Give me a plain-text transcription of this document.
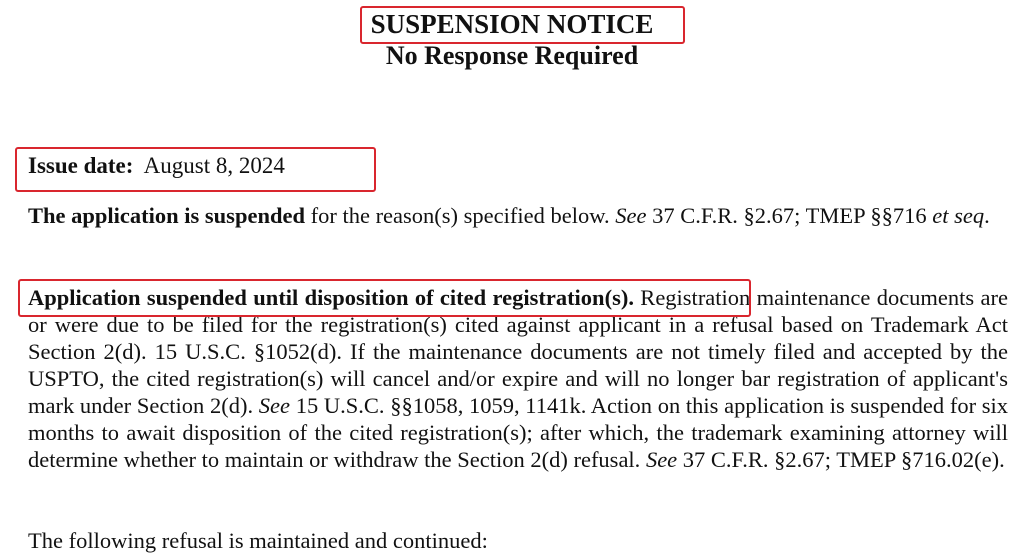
SUSPENSION NOTICE
No Response Required
Issue date: August 8, 2024
The application is suspended for the reason(s) specified below. See 37 C.F.R. §2.67; TMEP §§716 et seq.
Application suspended until disposition of cited registration(s). Registration maintenance documents are or were due to be filed for the registration(s) cited against applicant in a refusal based on Trademark Act Section 2(d). 15 U.S.C. §1052(d). If the maintenance documents are not timely filed and accepted by the USPTO, the cited registration(s) will cancel and/or expire and will no longer bar registration of applicant's mark under Section 2(d). See 15 U.S.C. §§1058, 1059, 1141k. Action on this application is suspended for six months to await disposition of the cited registration(s); after which, the trademark examining attorney will determine whether to maintain or withdraw the Section 2(d) refusal. See 37 C.F.R. §2.67; TMEP §716.02(e).
The following refusal is maintained and continued:
